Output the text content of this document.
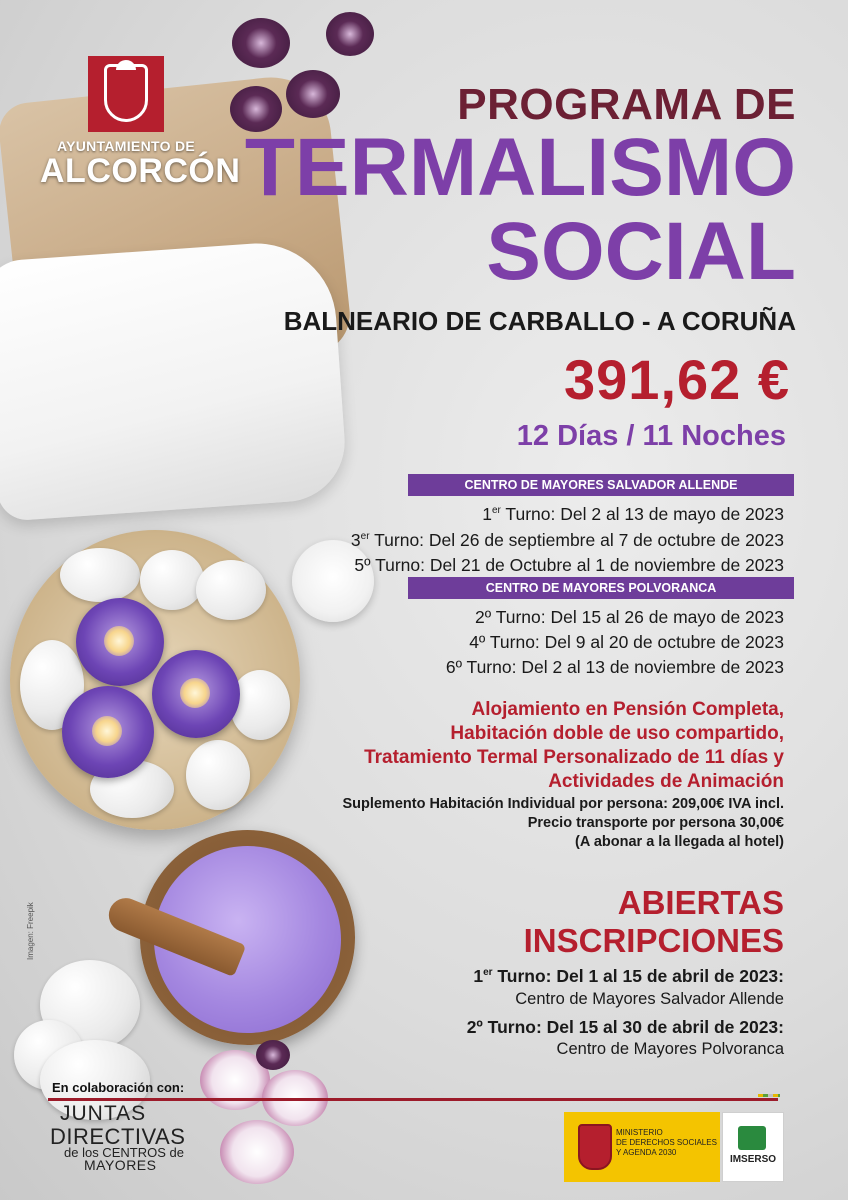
AYUNTAMIENTO DE
ALCORCÓN
PROGRAMA DE
TERMALISMO
SOCIAL
BALNEARIO DE CARBALLO - A CORUÑA
391,62 €
12 Días / 11 Noches
CENTRO DE MAYORES SALVADOR ALLENDE
1er Turno: Del 2 al 13 de mayo de 2023
3er Turno: Del 26 de septiembre al 7 de octubre de 2023
5º Turno: Del 21 de Octubre al 1 de noviembre de 2023
CENTRO DE MAYORES POLVORANCA
2º Turno: Del 15 al 26 de mayo de 2023
4º Turno: Del 9 al 20 de octubre de 2023
6º Turno: Del 2 al 13 de noviembre de 2023
Alojamiento en Pensión Completa,
Habitación doble de uso compartido,
Tratamiento Termal Personalizado de 11 días y
Actividades de Animación
Suplemento Habitación Individual por persona: 209,00€ IVA incl.
Precio transporte por persona 30,00€
(A abonar a la llegada al hotel)
ABIERTAS
INSCRIPCIONES
1er Turno: Del 1 al 15 de abril de 2023:
Centro de Mayores Salvador Allende
2º Turno: Del 15 al 30 de abril de 2023:
Centro de Mayores Polvoranca
Imagen: Freepik
En colaboración con:
JUNTAS
DIRECTIVAS
de los CENTROS de
MAYORES
MINISTERIO
DE DERECHOS SOCIALES
Y AGENDA 2030
IMSERSO
